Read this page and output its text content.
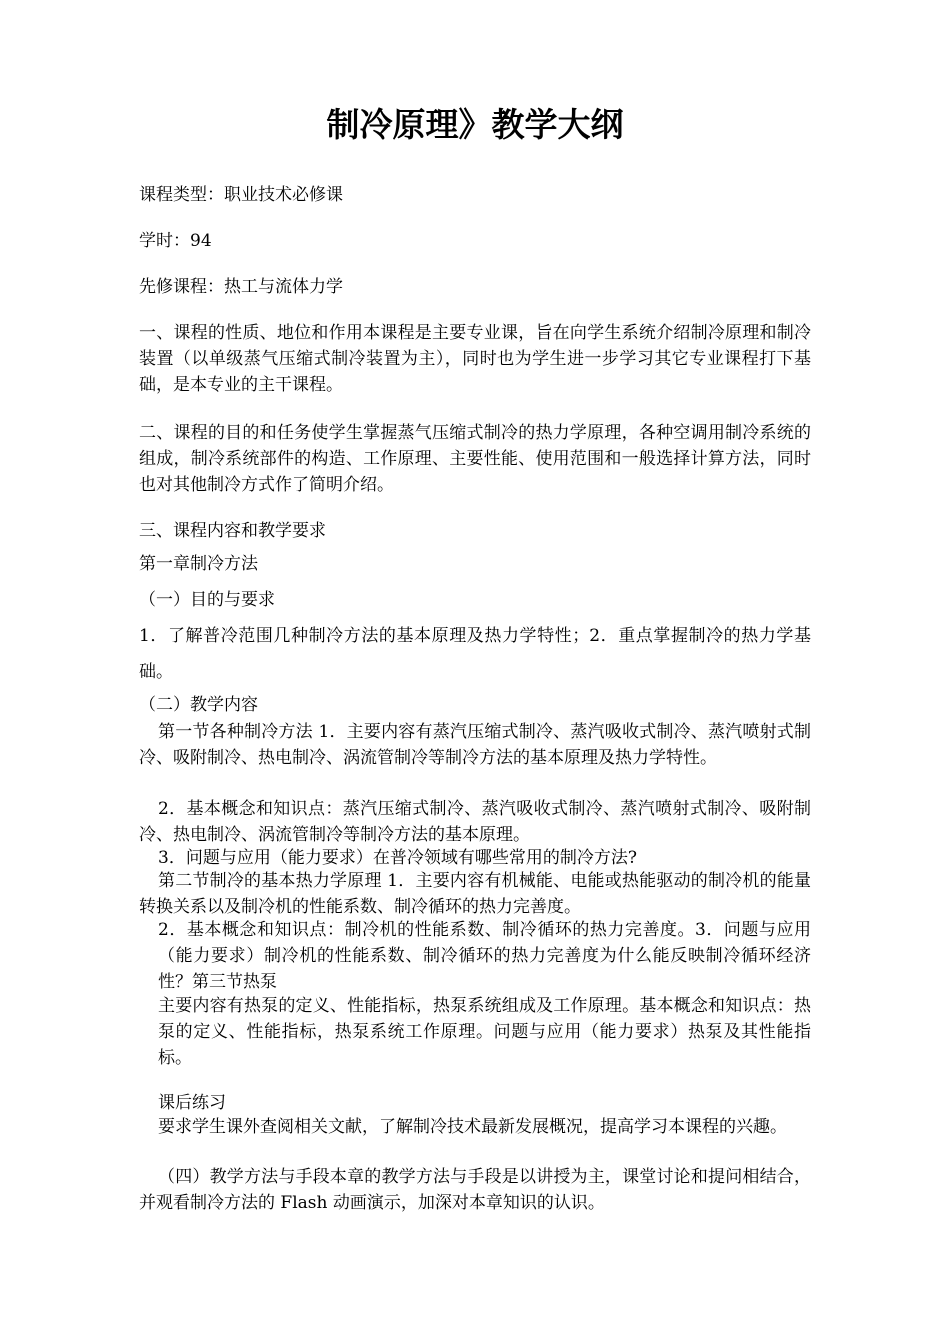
制冷原理》教学大纲

课程类型：职业技术必修课

学时：94

先修课程：热工与流体力学

一、课程的性质、地位和作用本课程是主要专业课，旨在向学生系统介绍制冷原理和制冷装置（以单级蒸气压缩式制冷装置为主），同时也为学生进一步学习其它专业课程打下基础，是本专业的主干课程。

二、课程的目的和任务使学生掌握蒸气压缩式制冷的热力学原理，各种空调用制冷系统的组成，制冷系统部件的构造、工作原理、主要性能、使用范围和一般选择计算方法，同时也对其他制冷方式作了简明介绍。

三、课程内容和教学要求

第一章制冷方法

（一）目的与要求

1．了解普冷范围几种制冷方法的基本原理及热力学特性；2．重点掌握制冷的热力学基础。

（二）教学内容

第一节各种制冷方法 1．主要内容有蒸汽压缩式制冷、蒸汽吸收式制冷、蒸汽喷射式制冷、吸附制冷、热电制冷、涡流管制冷等制冷方法的基本原理及热力学特性。

2．基本概念和知识点：蒸汽压缩式制冷、蒸汽吸收式制冷、蒸汽喷射式制冷、吸附制冷、热电制冷、涡流管制冷等制冷方法的基本原理。

3．问题与应用（能力要求）在普冷领域有哪些常用的制冷方法?

第二节制冷的基本热力学原理 1．主要内容有机械能、电能或热能驱动的制冷机的能量转换关系以及制冷机的性能系数、制冷循环的热力完善度。

2．基本概念和知识点：制冷机的性能系数、制冷循环的热力完善度。3．问题与应用（能力要求）制冷机的性能系数、制冷循环的热力完善度为什么能反映制冷循环经济性？第三节热泵

主要内容有热泵的定义、性能指标，热泵系统组成及工作原理。基本概念和知识点：热泵的定义、性能指标，热泵系统工作原理。问题与应用（能力要求）热泵及其性能指标。

课后练习

要求学生课外查阅相关文献，了解制冷技术最新发展概况，提高学习本课程的兴趣。

（四）教学方法与手段本章的教学方法与手段是以讲授为主，课堂讨论和提问相结合，并观看制冷方法的 Flash 动画演示，加深对本章知识的认识。
